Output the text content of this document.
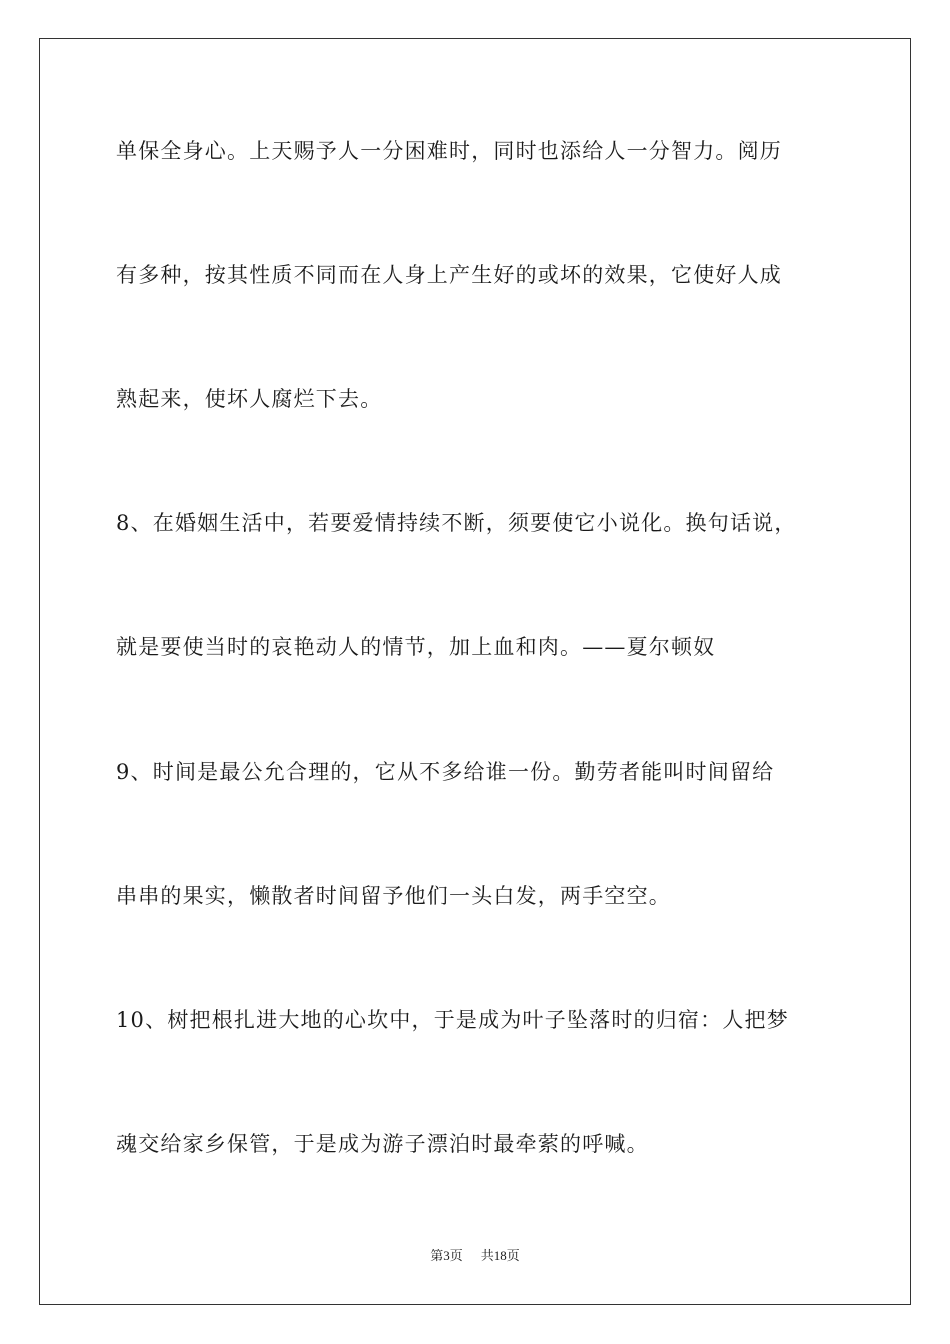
单保全身心。上天赐予人一分困难时，同时也添给人一分智力。阅历
有多种，按其性质不同而在人身上产生好的或坏的效果，它使好人成
熟起来，使坏人腐烂下去。
8、在婚姻生活中，若要爱情持续不断，须要使它小说化。换句话说，
就是要使当时的哀艳动人的情节，加上血和肉。——夏尔顿奴
9、时间是最公允合理的，它从不多给谁一份。勤劳者能叫时间留给
串串的果实，懒散者时间留予他们一头白发，两手空空。
10、树把根扎进大地的心坎中，于是成为叶子坠落时的归宿：人把梦
魂交给家乡保管，于是成为游子漂泊时最牵萦的呼喊。
第3页 共18页
